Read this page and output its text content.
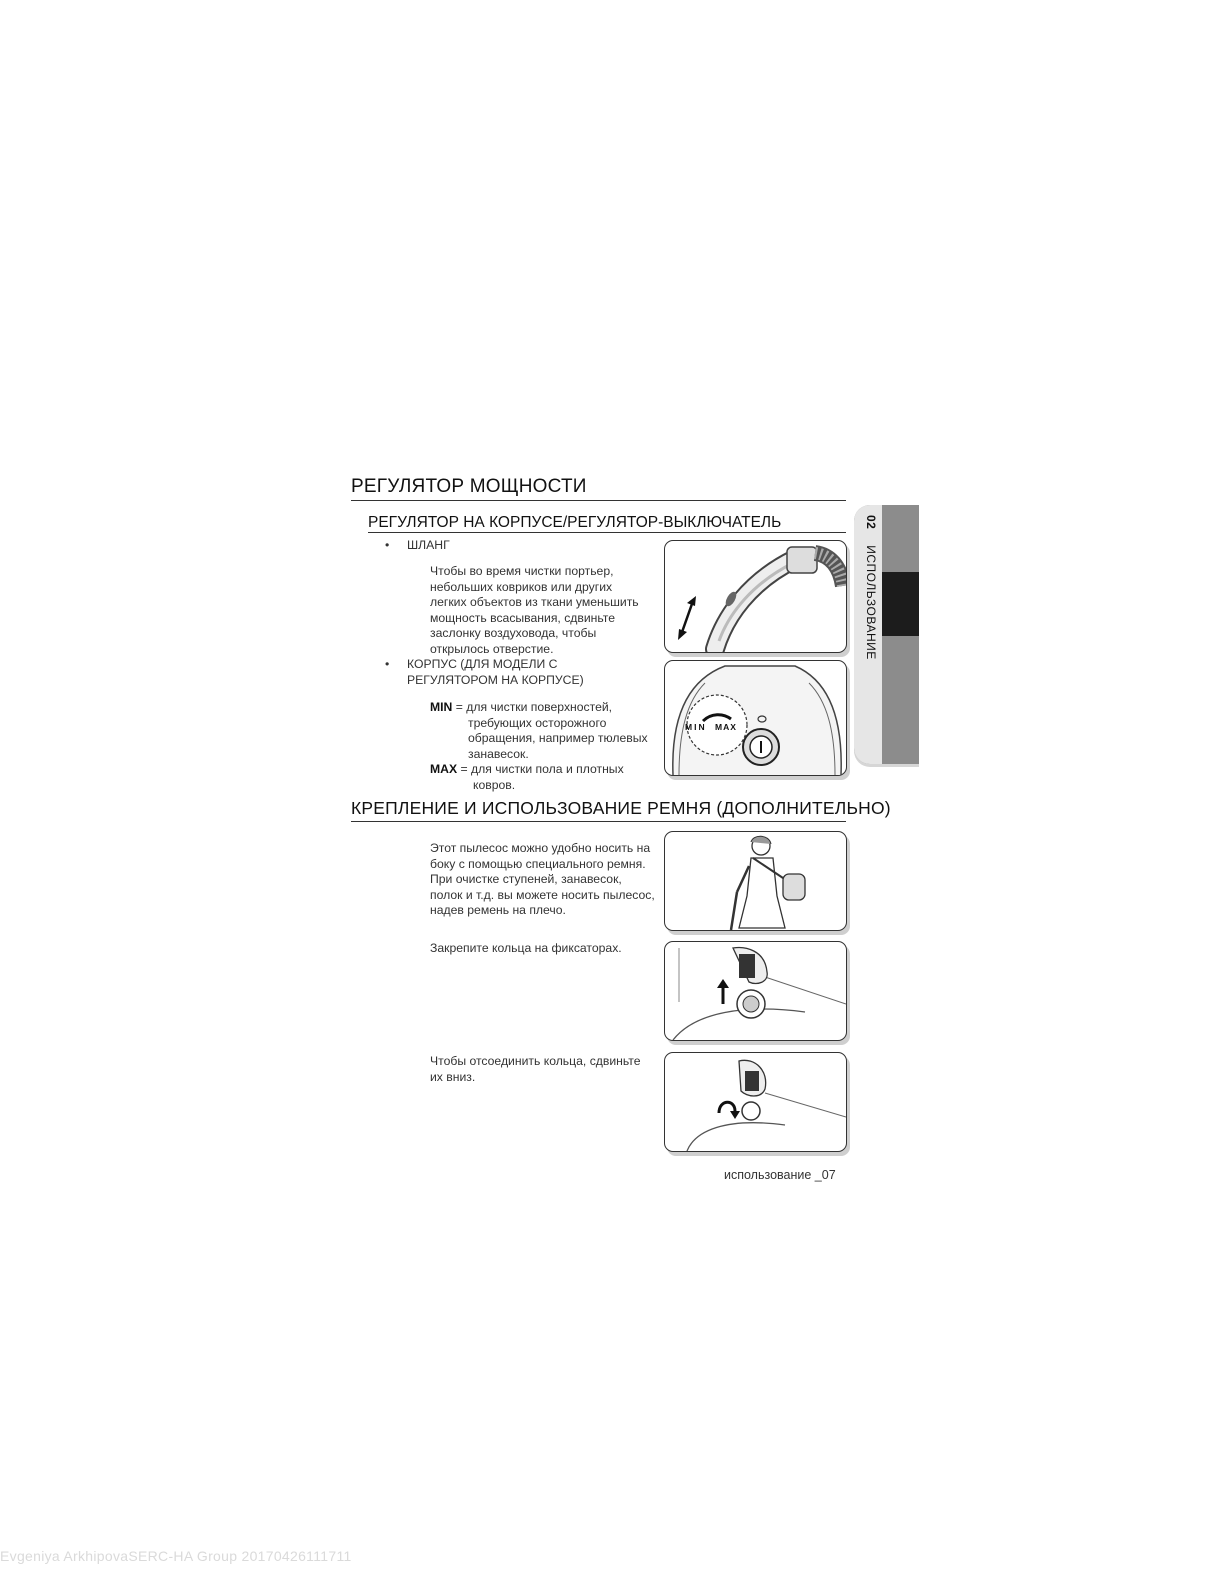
РЕГУЛЯТОР МОЩНОСТИ
РЕГУЛЯТОР НА КОРПУСЕ/РЕГУЛЯТОР-ВЫКЛЮЧАТЕЛЬ
• ШЛАНГ
Чтобы во время чистки портьер,
небольших ковриков или других
легких объектов из ткани уменьшить
мощность всасывания, сдвиньте
заслонку воздуховода, чтобы
открылось отверстие.
• КОРПУС (ДЛЯ МОДЕЛИ С
РЕГУЛЯТОРОМ НА КОРПУСЕ)
MIN = для чистки поверхностей,
требующих осторожного
обращения, например тюлевых
занавесок.
MAX = для чистки пола и плотных
ковров.
MIN MAX
КРЕПЛЕНИЕ И ИСПОЛЬЗОВАНИЕ РЕМНЯ (ДОПОЛНИТЕЛЬНО)
Этот пылесос можно удобно носить на
боку с помощью специального ремня.
При очистке ступеней, занавесок,
полок и т.д. вы можете носить пылесос,
надев ремень на плечо.
Закрепите кольца на фиксаторах.
Чтобы отсоединить кольца, сдвиньте
их вниз.
02 ИСПОЛЬЗОВАНИЕ
использование _07
Evgeniya ArkhipovaSERC-HA Group 20170426111711
